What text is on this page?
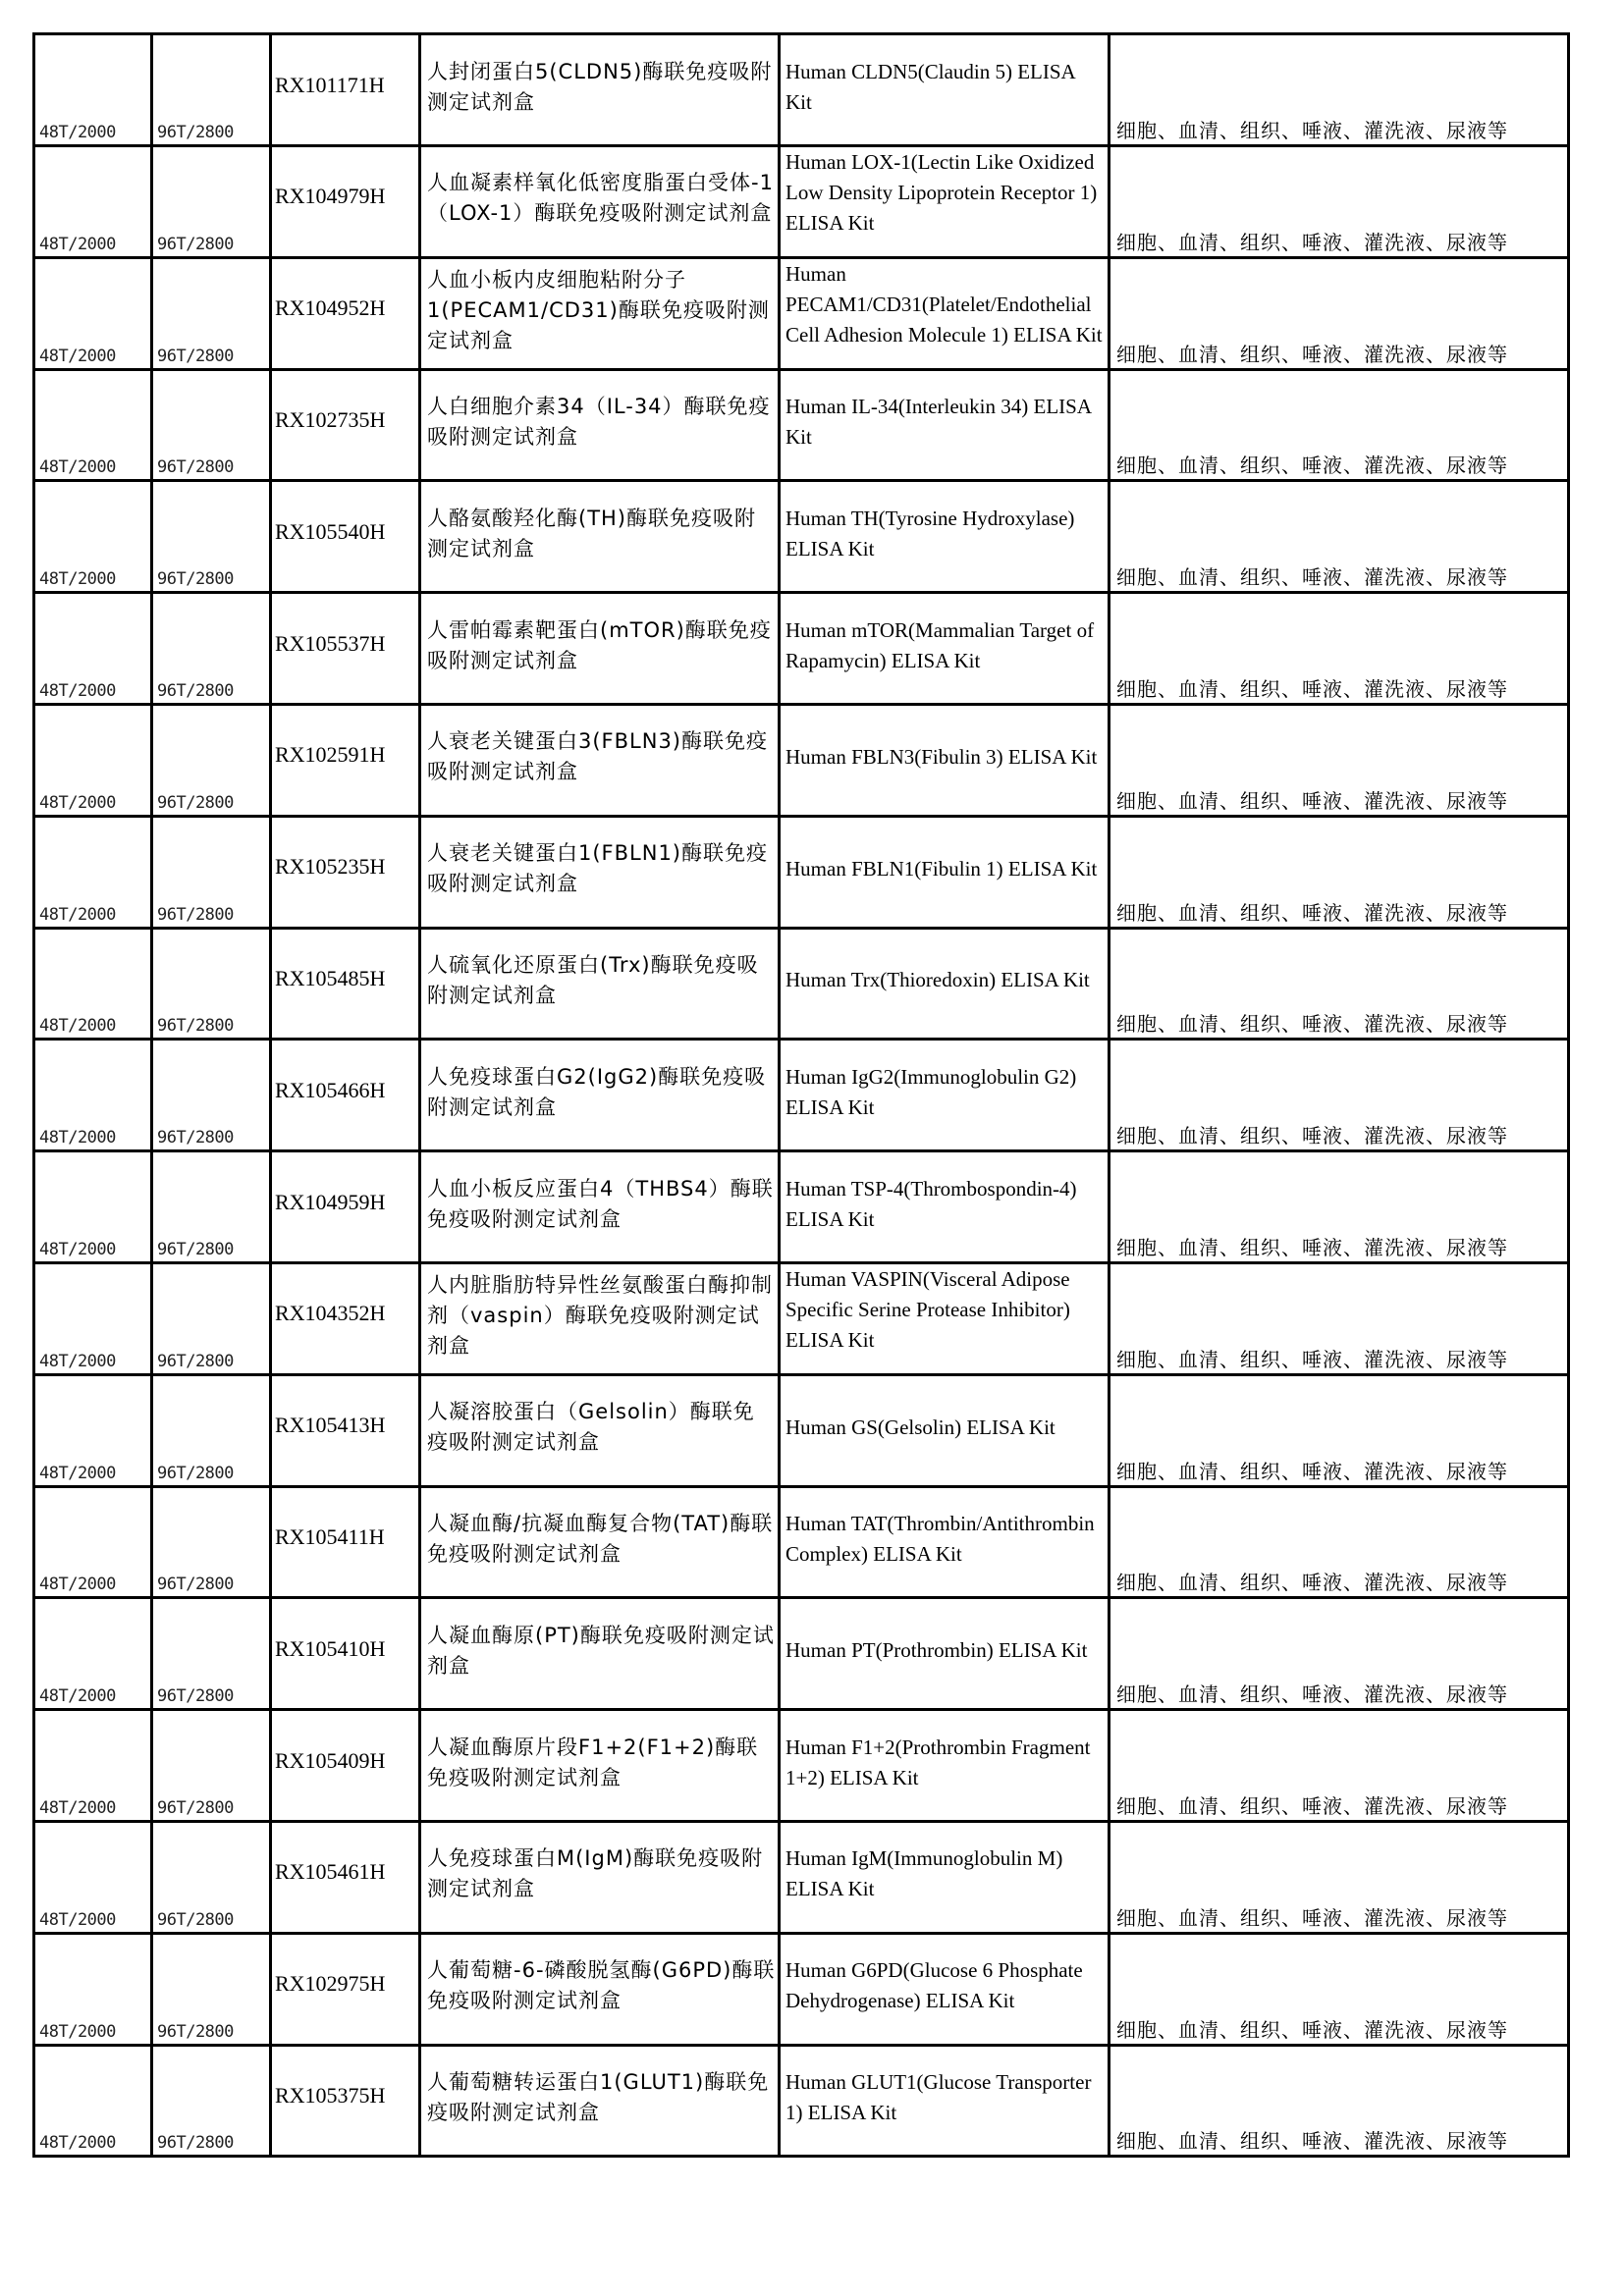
48T/2000 96T/2800
RX101171H
人封闭蛋白5(CLDN5)酶联免疫吸附测定试剂盒
Human CLDN5(Claudin 5) ELISA Kit
细胞、血清、组织、唾液、灌洗液、尿液等
48T/2000 96T/2800
RX104979H
人血凝素样氧化低密度脂蛋白受体-1（LOX-1）酶联免疫吸附测定试剂盒
Human LOX-1(Lectin Like Oxidized Low Density Lipoprotein Receptor 1) ELISA Kit
细胞、血清、组织、唾液、灌洗液、尿液等
48T/2000 96T/2800
RX104952H
人血小板内皮细胞粘附分子1(PECAM1/CD31)酶联免疫吸附测定试剂盒
Human PECAM1/CD31(Platelet/Endothelial Cell Adhesion Molecule 1) ELISA Kit
细胞、血清、组织、唾液、灌洗液、尿液等
48T/2000 96T/2800
RX102735H
人白细胞介素34（IL-34）酶联免疫吸附测定试剂盒
Human IL-34(Interleukin 34) ELISA Kit
细胞、血清、组织、唾液、灌洗液、尿液等
48T/2000 96T/2800
RX105540H
人酪氨酸羟化酶(TH)酶联免疫吸附测定试剂盒
Human TH(Tyrosine Hydroxylase) ELISA Kit
细胞、血清、组织、唾液、灌洗液、尿液等
48T/2000 96T/2800
RX105537H
人雷帕霉素靶蛋白(mTOR)酶联免疫吸附测定试剂盒
Human mTOR(Mammalian Target of Rapamycin) ELISA Kit
细胞、血清、组织、唾液、灌洗液、尿液等
48T/2000 96T/2800
RX102591H
人衰老关键蛋白3(FBLN3)酶联免疫吸附测定试剂盒
Human FBLN3(Fibulin 3) ELISA Kit
细胞、血清、组织、唾液、灌洗液、尿液等
48T/2000 96T/2800
RX105235H
人衰老关键蛋白1(FBLN1)酶联免疫吸附测定试剂盒
Human FBLN1(Fibulin 1) ELISA Kit
细胞、血清、组织、唾液、灌洗液、尿液等
48T/2000 96T/2800
RX105485H
人硫氧化还原蛋白(Trx)酶联免疫吸附测定试剂盒
Human Trx(Thioredoxin) ELISA Kit
细胞、血清、组织、唾液、灌洗液、尿液等
48T/2000 96T/2800
RX105466H
人免疫球蛋白G2(IgG2)酶联免疫吸附测定试剂盒
Human IgG2(Immunoglobulin G2) ELISA Kit
细胞、血清、组织、唾液、灌洗液、尿液等
48T/2000 96T/2800
RX104959H
人血小板反应蛋白4（THBS4）酶联免疫吸附测定试剂盒
Human TSP-4(Thrombospondin-4) ELISA Kit
细胞、血清、组织、唾液、灌洗液、尿液等
48T/2000 96T/2800
RX104352H
人内脏脂肪特异性丝氨酸蛋白酶抑制剂（vaspin）酶联免疫吸附测定试剂盒
Human VASPIN(Visceral Adipose Specific Serine Protease Inhibitor) ELISA Kit
细胞、血清、组织、唾液、灌洗液、尿液等
48T/2000 96T/2800
RX105413H
人凝溶胶蛋白（Gelsolin）酶联免疫吸附测定试剂盒
Human GS(Gelsolin) ELISA Kit
细胞、血清、组织、唾液、灌洗液、尿液等
48T/2000 96T/2800
RX105411H
人凝血酶/抗凝血酶复合物(TAT)酶联免疫吸附测定试剂盒
Human TAT(Thrombin/Antithrombin Complex) ELISA Kit
细胞、血清、组织、唾液、灌洗液、尿液等
48T/2000 96T/2800
RX105410H
人凝血酶原(PT)酶联免疫吸附测定试剂盒
Human PT(Prothrombin) ELISA Kit
细胞、血清、组织、唾液、灌洗液、尿液等
48T/2000 96T/2800
RX105409H
人凝血酶原片段F1+2(F1+2)酶联免疫吸附测定试剂盒
Human F1+2(Prothrombin Fragment 1+2) ELISA Kit
细胞、血清、组织、唾液、灌洗液、尿液等
48T/2000 96T/2800
RX105461H
人免疫球蛋白M(IgM)酶联免疫吸附测定试剂盒
Human IgM(Immunoglobulin M) ELISA Kit
细胞、血清、组织、唾液、灌洗液、尿液等
48T/2000 96T/2800
RX102975H
人葡萄糖-6-磷酸脱氢酶(G6PD)酶联免疫吸附测定试剂盒
Human G6PD(Glucose 6 Phosphate Dehydrogenase) ELISA Kit
细胞、血清、组织、唾液、灌洗液、尿液等
48T/2000 96T/2800
RX105375H
人葡萄糖转运蛋白1(GLUT1)酶联免疫吸附测定试剂盒
Human GLUT1(Glucose Transporter 1) ELISA Kit
细胞、血清、组织、唾液、灌洗液、尿液等
